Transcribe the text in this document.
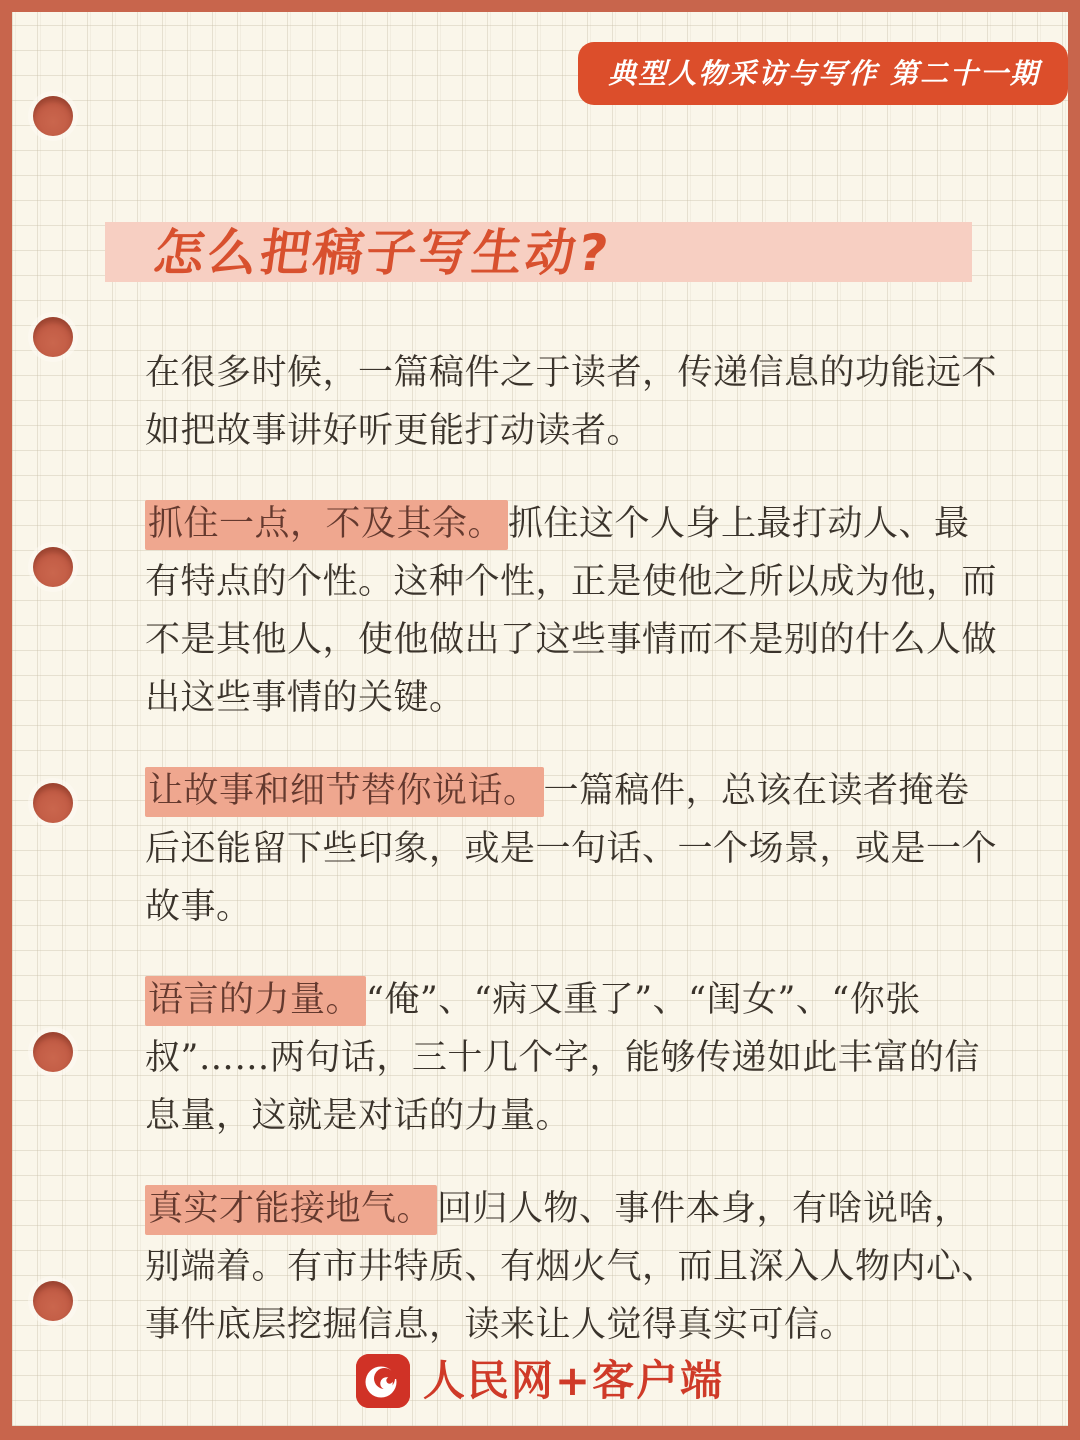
典型人物采访与写作 第二十一期
怎么把稿子写生动?

在很多时候，一篇稿件之于读者，传递信息的功能远不如把故事讲好听更能打动读者。

抓住一点，不及其余。 抓住这个人身上最打动人、最有特点的个性。这种个性，正是使他之所以成为他，而不是其他人，使他做出了这些事情而不是别的什么人做出这些事情的关键。

让故事和细节替你说话。 一篇稿件，总该在读者掩卷后还能留下些印象，或是一句话、一个场景，或是一个故事。

语言的力量。 “俺”、“病又重了”、“闺女”、“你张叔”……两句话，三十几个字，能够传递如此丰富的信息量，这就是对话的力量。

真实才能接地气。 回归人物、事件本身，有啥说啥，别端着。有市井特质、有烟火气，而且深入人物内心、事件底层挖掘信息，读来让人觉得真实可信。

人民网+客户端
